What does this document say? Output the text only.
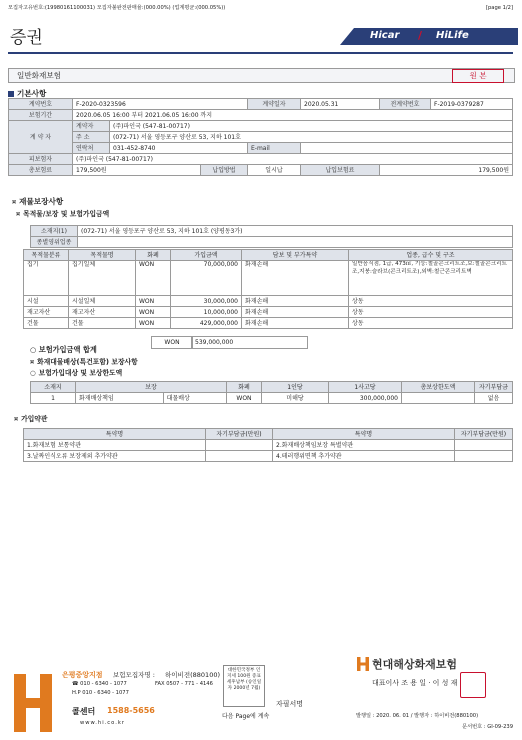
모집자고유번호:(19980161100031) 모집자불완전판매율:(000.00%) (업계평균:(000.05%))	[page 1/2]
증권	Hicar / HiLife
일반화재보험	원 본
기본사항
계약번호	F-2020-0323596			계약일자	2020.05.31	전계약번호	F-2019-0379287
보험기간	2020.06.05 16:00 부터 2021.06.05 16:00 까지						
계 약 자	계약자	(주)파인국 (547-81-00717)					
	주 소	(072-71) 서울 영등포구 양산로 53, 지하 101호					
	연락처	031-452-8740		E-mail			
피보험자	(주)파인국 (547-81-00717)						
총보험료	179,500원		납입방법	일시납	납입보험료	179,500원	
¤ 재물보장사항
¤ 목적물/보장 및 보험가입금액
소재지(1)	(072-71) 서울 영등포구 양산로 53, 지하 101호 (양평동3가)
종별영위업종	
목적물분류	목적물명	화폐	가입금액	담보 및 부가특약	업종, 급수 및 구조
집기	집기일체	WON	70,000,000	화재손해	일반음식점, 1급, 473㎡, 기둥:철골콘크리트조,보:철골콘크리트조,지붕:슬라브(콘크리트조),외벽:철근콘크리트벽
시설	시설일체	WON	30,000,000	화재손해	상동
재고자산	재고자산	WON	10,000,000	화재손해	상동
건물	건물	WON	429,000,000	화재손해	상동
○ 보험가입금액 합계
WON	539,000,000
¤ 화재대물배상(특건포함) 보장사항
○ 보험가입대상 및 보상한도액
소재지	보장		화폐	1인당	1사고당	총보상한도액	자기부담금
1	화재배상책임	대물배상	WON	미해당	300,000,000		없음
¤ 가입약관
특약명	자기부담금(만원)	특약명	자기부담금(만원)
1.화재보험 보통약관		2.화재배상책임보장 특별약관	
3.날짜인식오류 보장제외 추가약관		4.테러행위면책 추가약관	
은평중앙지점 보험모집자명 : 하이비전(880100)
☎ 010 - 6340 - 1077	FAX 0507 - 771 - 4146
H.P 010 - 6340 - 1077
콜센터 1588-5656
www.hi.co.kr
대한민국정부 인지세 100원 증표세후납부 (승인일자 2000년 7월)
자필서명
다음 Page에 계속
현대해상화재보험
대표이사 조 용 일 · 이 성 재
발행일 : 2020. 06. 01 / 발행자 : 하이비전(880100)
문서번호 : GI-09-239
